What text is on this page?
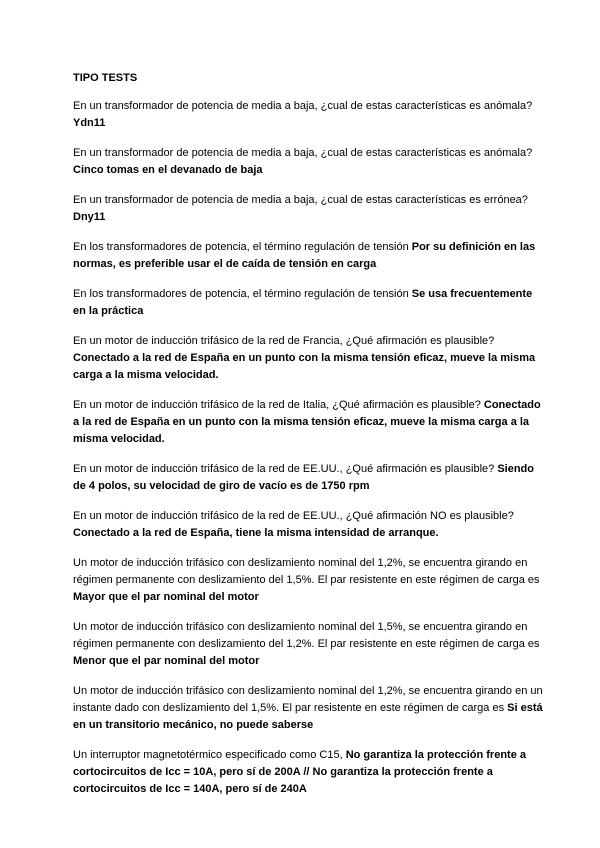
TIPO TESTS

En un transformador de potencia de media a baja, ¿cual de estas características es anómala? Ydn11

En un transformador de potencia de media a baja, ¿cual de estas características es anómala? Cinco tomas en el devanado de baja

En un transformador de potencia de media a baja, ¿cual de estas características es errónea? Dny11

En los transformadores de potencia, el término regulación de tensión Por su definición en las normas, es preferible usar el de caída de tensión en carga

En los transformadores de potencia, el término regulación de tensión Se usa frecuentemente en la práctica

En un motor de inducción trifásico de la red de Francia, ¿Qué afirmación es plausible? Conectado a la red de España en un punto con la misma tensión eficaz, mueve la misma carga a la misma velocidad.

En un motor de inducción trifásico de la red de Italia, ¿Qué afirmación es plausible? Conectado a la red de España en un punto con la misma tensión eficaz, mueve la misma carga a la misma velocidad.

En un motor de inducción trifásico de la red de EE.UU., ¿Qué afirmación es plausible? Siendo de 4 polos, su velocidad de giro de vacío es de 1750 rpm

En un motor de inducción trifásico de la red de EE.UU., ¿Qué afirmación NO es plausible? Conectado a la red de España, tiene la misma intensidad de arranque.

Un motor de inducción trifásico con deslizamiento nominal del 1,2%, se encuentra girando en régimen permanente con deslizamiento del 1,5%. El par resistente en este régimen de carga es Mayor que el par nominal del motor

Un motor de inducción trifásico con deslizamiento nominal del 1,5%, se encuentra girando en régimen permanente con deslizamiento del 1,2%. El par resistente en este régimen de carga es Menor que el par nominal del motor

Un motor de inducción trifásico con deslizamiento nominal del 1,2%, se encuentra girando en un instante dado con deslizamiento del 1,5%. El par resistente en este régimen de carga es Si está en un transitorio mecánico, no puede saberse

Un interruptor magnetotérmico especificado como C15, No garantiza la protección frente a cortocircuitos de Icc = 10A, pero sí de 200A // No garantiza la protección frente a cortocircuitos de Icc = 140A, pero sí de 240A
